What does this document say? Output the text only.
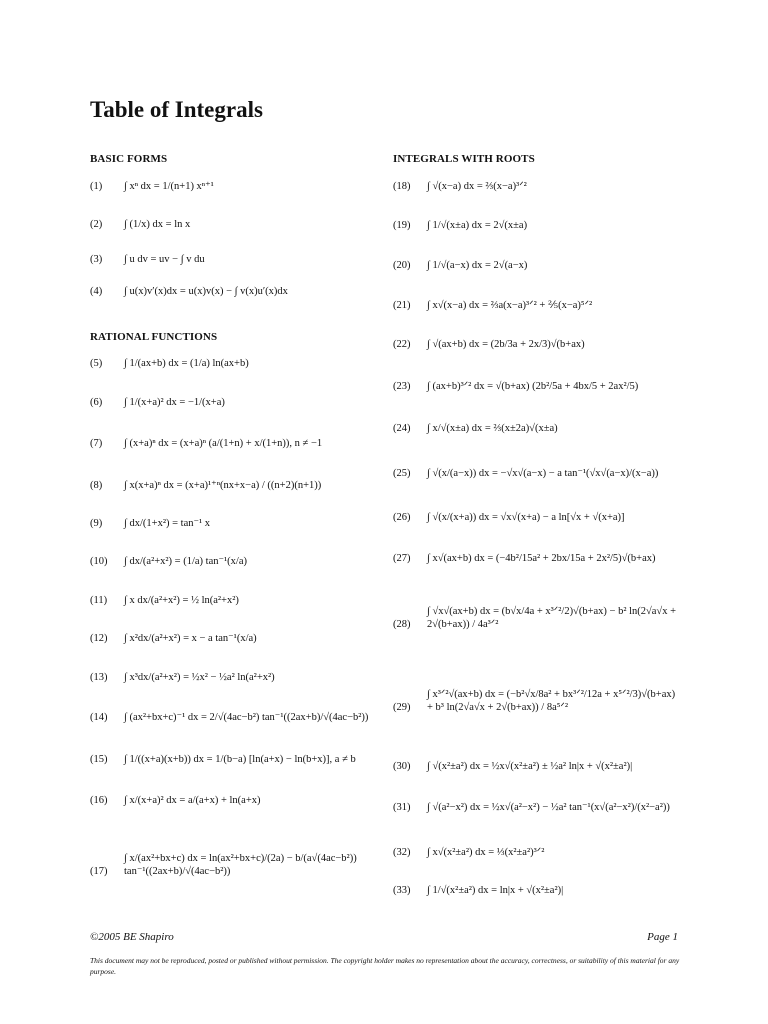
Table of Integrals
BASIC FORMS
RATIONAL FUNCTIONS
INTEGRALS WITH ROOTS
(1) ∫ xⁿ dx = 1/(n+1) xⁿ⁺¹
(2) ∫ (1/x) dx = ln x
(3) ∫ u dv = uv − ∫ v du
(4) ∫ u(x)v′(x)dx = u(x)v(x) − ∫ v(x)u′(x)dx
(5) ∫ 1/(ax+b) dx = (1/a) ln(ax+b)
(6) ∫ 1/(x+a)² dx = −1/(x+a)
(7) ∫ (x+a)ⁿ dx = (x+a)ⁿ (a/(1+n) + x/(1+n)), n ≠ −1
(8) ∫ x(x+a)ⁿ dx = (x+a)¹⁺ⁿ(nx+x−a) / ((n+2)(n+1))
(9) ∫ dx/(1+x²) = tan⁻¹ x
(10) ∫ dx/(a²+x²) = (1/a) tan⁻¹(x/a)
(11) ∫ x dx/(a²+x²) = ½ ln(a²+x²)
(12) ∫ x²dx/(a²+x²) = x − a tan⁻¹(x/a)
(13) ∫ x³dx/(a²+x²) = ½x² − ½a² ln(a²+x²)
(14) ∫ (ax²+bx+c)⁻¹ dx = 2/√(4ac−b²) tan⁻¹((2ax+b)/√(4ac−b²))
(15) ∫ 1/((x+a)(x+b)) dx = 1/(b−a) [ln(a+x) − ln(b+x)], a ≠ b
(16) ∫ x/(x+a)² dx = a/(a+x) + ln(a+x)
(17)∫ x/(ax²+bx+c) dx = ln(ax²+bx+c)/(2a) − b/(a√(4ac−b²)) tan⁻¹((2ax+b)/√(4ac−b²))
(18) ∫ √(x−a) dx = ⅔(x−a)³ᐟ²
(19) ∫ 1/√(x±a) dx = 2√(x±a)
(20) ∫ 1/√(a−x) dx = 2√(a−x)
(21) ∫ x√(x−a) dx = ⅔a(x−a)³ᐟ² + ⅖(x−a)⁵ᐟ²
(22) ∫ √(ax+b) dx = (2b/3a + 2x/3)√(b+ax)
(23) ∫ (ax+b)³ᐟ² dx = √(b+ax) (2b²/5a + 4bx/5 + 2ax²/5)
(24) ∫ x/√(x±a) dx = ⅔(x±2a)√(x±a)
(25) ∫ √(x/(a−x)) dx = −√x√(a−x) − a tan⁻¹(√x√(a−x)/(x−a))
(26) ∫ √(x/(x+a)) dx = √x√(x+a) − a ln[√x + √(x+a)]
(27) ∫ x√(ax+b) dx = (−4b²/15a² + 2bx/15a + 2x²/5)√(b+ax)
(28)∫ √x√(ax+b) dx = (b√x/4a + x³ᐟ²/2)√(b+ax) − b² ln(2√a√x + 2√(b+ax)) / 4a³ᐟ²
(29)∫ x³ᐟ²√(ax+b) dx = (−b²√x/8a² + bx³ᐟ²/12a + x⁵ᐟ²/3)√(b+ax) + b³ ln(2√a√x + 2√(b+ax)) / 8a⁵ᐟ²
(30) ∫ √(x²±a²) dx = ½x√(x²±a²) ± ½a² ln|x + √(x²±a²)|
(31) ∫ √(a²−x²) dx = ½x√(a²−x²) − ½a² tan⁻¹(x√(a²−x²)/(x²−a²))
(32) ∫ x√(x²±a²) dx = ⅓(x²±a²)³ᐟ²
(33) ∫ 1/√(x²±a²) dx = ln|x + √(x²±a²)|
©2005 BE Shapiro	Page 1
This document may not be reproduced, posted or published without permission. The copyright holder makes no representation about the accuracy, correctness, or suitability of this material for any purpose.
